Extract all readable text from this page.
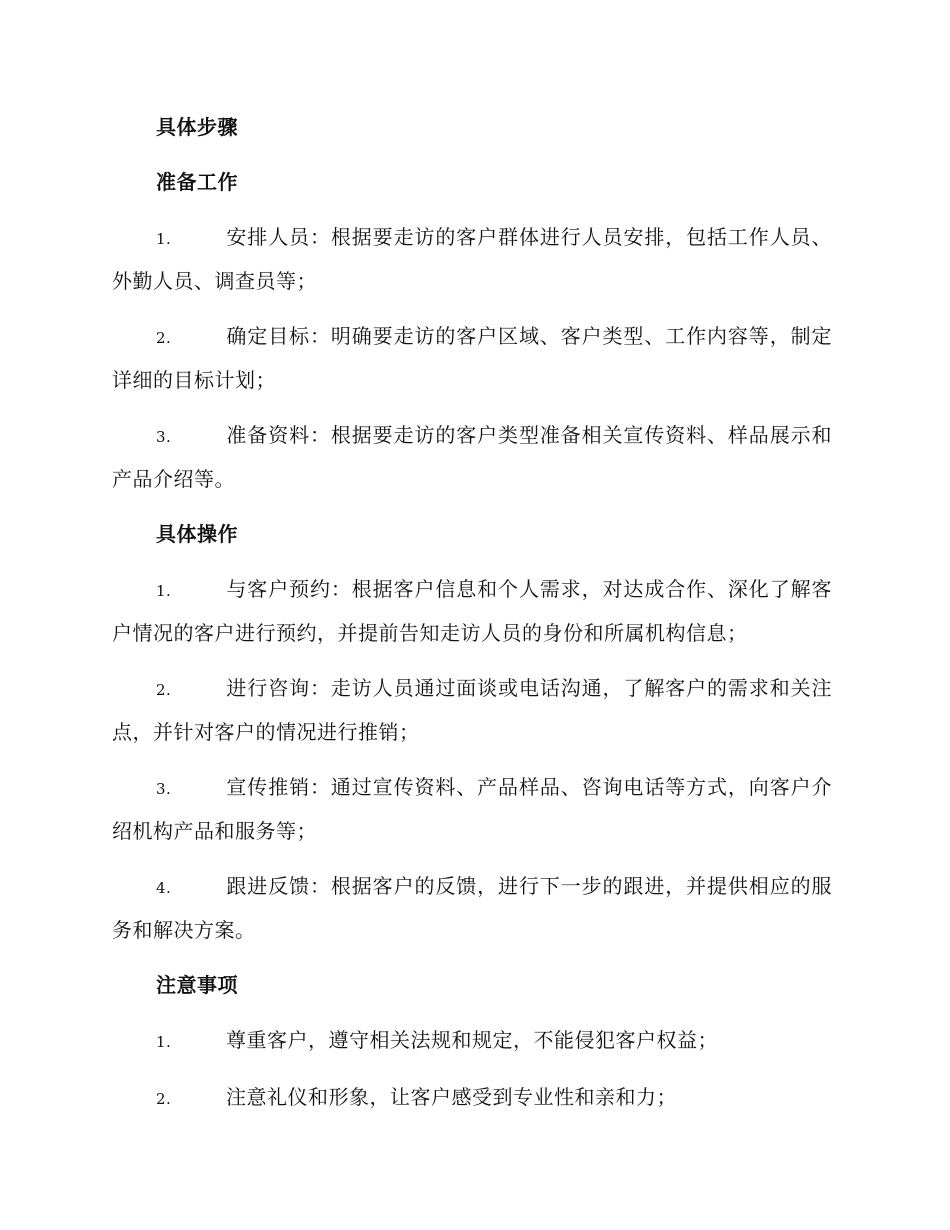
具体步骤
准备工作

1.	安排人员：根据要走访的客户群体进行人员安排，包括工作人员、外勤人员、调查员等；

2.	确定目标：明确要走访的客户区域、客户类型、工作内容等，制定详细的目标计划；

3.	准备资料：根据要走访的客户类型准备相关宣传资料、样品展示和产品介绍等。

具体操作

1.	与客户预约：根据客户信息和个人需求，对达成合作、深化了解客户情况的客户进行预约，并提前告知走访人员的身份和所属机构信息；

2.	进行咨询：走访人员通过面谈或电话沟通，了解客户的需求和关注点，并针对客户的情况进行推销；

3.	宣传推销：通过宣传资料、产品样品、咨询电话等方式，向客户介绍机构产品和服务等；

4.	跟进反馈：根据客户的反馈，进行下一步的跟进，并提供相应的服务和解决方案。

注意事项

1.	尊重客户，遵守相关法规和规定，不能侵犯客户权益；

2.	注意礼仪和形象，让客户感受到专业性和亲和力；
